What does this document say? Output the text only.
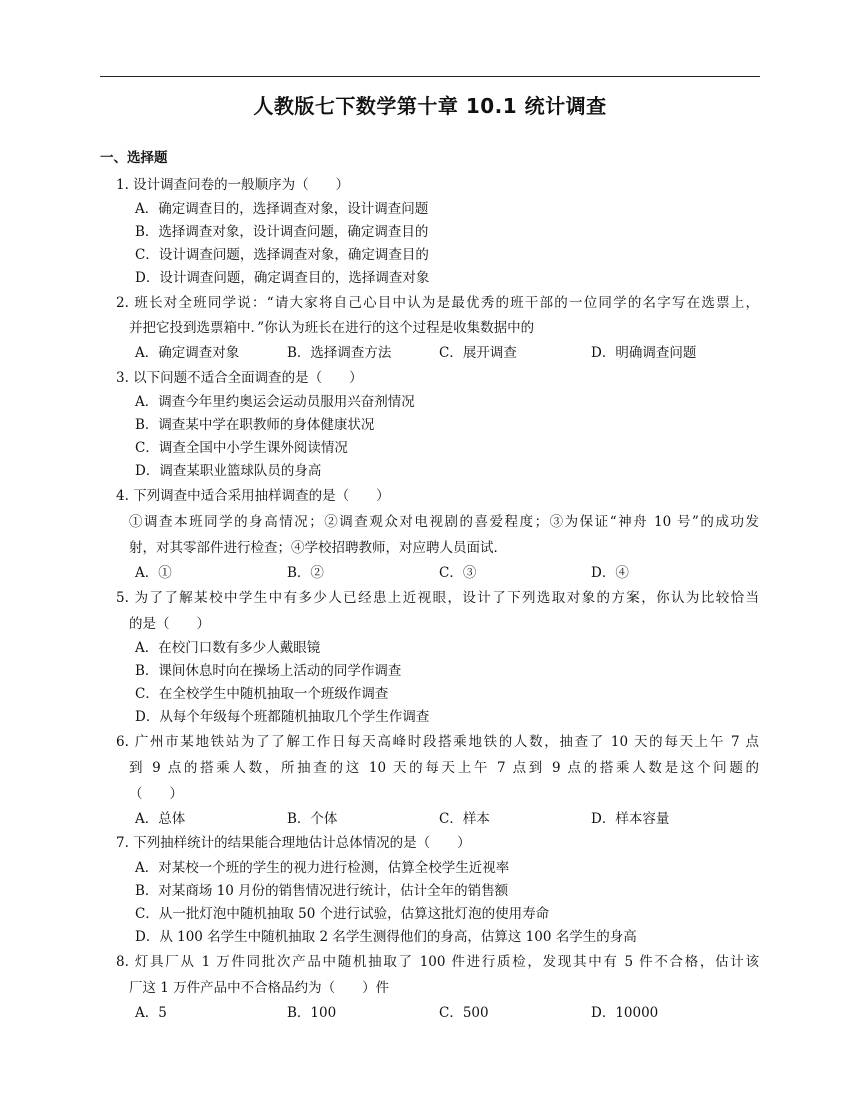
人教版七下数学第十章 10.1 统计调查
一、选择题
1. 设计调查问卷的一般顺序为（　　）
A．确定调查目的，选择调查对象，设计调查问题
B．选择调查对象，设计调查问题，确定调查目的
C．设计调查问题，选择调查对象，确定调查目的
D．设计调查问题，确定调查目的，选择调查对象
2. 班长对全班同学说：“请大家将自己心目中认为是最优秀的班干部的一位同学的名字写在选票上，
并把它投到选票箱中．”你认为班长在进行的这个过程是收集数据中的
A．确定调查对象	B．选择调查方法	C．展开调查	D．明确调查问题
3. 以下问题不适合全面调查的是（　　）
A．调查今年里约奥运会运动员服用兴奋剂情况
B．调查某中学在职教师的身体健康状况
C．调查全国中小学生课外阅读情况
D．调查某职业篮球队员的身高
4. 下列调查中适合采用抽样调查的是（　　）
①调查本班同学的身高情况；②调查观众对电视剧的喜爱程度；③为保证“神舟 10 号”的成功发
射，对其零部件进行检查；④学校招聘教师，对应聘人员面试．
A．①	B．②	C．③	D．④
5. 为了了解某校中学生中有多少人已经患上近视眼，设计了下列选取对象的方案，你认为比较恰当
的是（　　）
A．在校门口数有多少人戴眼镜
B．课间休息时向在操场上活动的同学作调查
C．在全校学生中随机抽取一个班级作调查
D．从每个年级每个班都随机抽取几个学生作调查
6. 广州市某地铁站为了了解工作日每天高峰时段搭乘地铁的人数，抽查了 10 天的每天上午 7 点
到 9 点的搭乘人数，所抽查的这 10 天的每天上午 7 点到 9 点的搭乘人数是这个问题的
（　　）
A．总体	B．个体	C．样本	D．样本容量
7. 下列抽样统计的结果能合理地估计总体情况的是（　　）
A．对某校一个班的学生的视力进行检测，估算全校学生近视率
B．对某商场 10 月份的销售情况进行统计，估计全年的销售额
C．从一批灯泡中随机抽取 50 个进行试验，估算这批灯泡的使用寿命
D．从 100 名学生中随机抽取 2 名学生测得他们的身高，估算这 100 名学生的身高
8. 灯具厂从 1 万件同批次产品中随机抽取了 100 件进行质检，发现其中有 5 件不合格，估计该
厂这 1 万件产品中不合格品约为（　　）件
A．5	B．100	C．500	D．10000
